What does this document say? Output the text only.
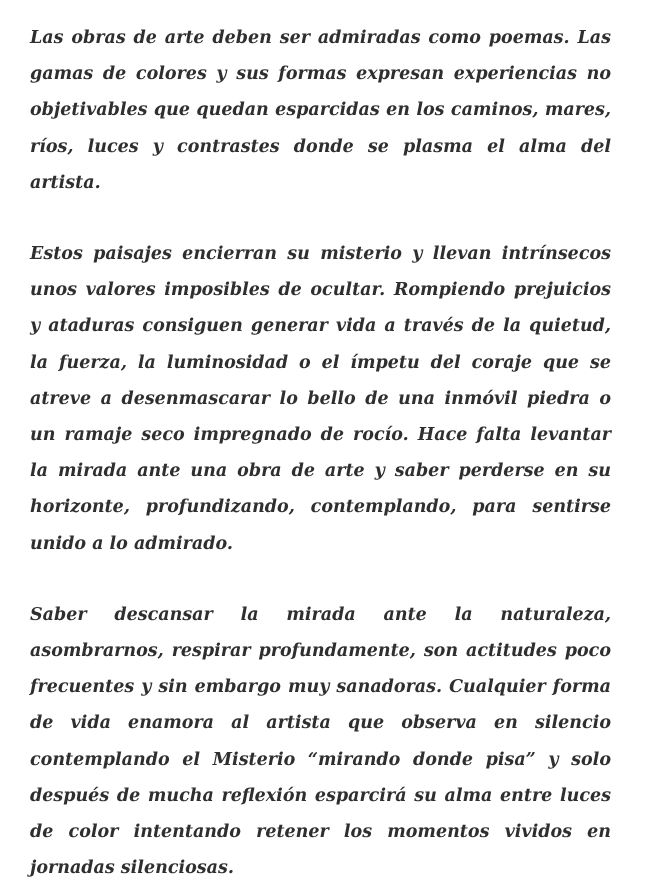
Las obras de arte deben ser admiradas como poemas. Las gamas de colores y sus formas expresan experiencias no objetivables que quedan esparcidas en los caminos, mares, ríos, luces y contrastes donde se plasma el alma del artista.

Estos paisajes encierran su misterio y llevan intrínsecos unos valores imposibles de ocultar. Rompiendo prejuicios y ataduras consiguen generar vida a través de la quietud, la fuerza, la luminosidad o el ímpetu del coraje que se atreve a desenmascarar lo bello de una inmóvil piedra o un ramaje seco impregnado de rocío. Hace falta levantar la mirada ante una obra de arte y saber perderse en su horizonte, profundizando, contemplando, para sentirse unido a lo admirado.

Saber descansar la mirada ante la naturaleza, asombrarnos, respirar profundamente, son actitudes poco frecuentes y sin embargo muy sanadoras. Cualquier forma de vida enamora al artista que observa en silencio contemplando el Misterio “mirando donde pisa” y solo después de mucha reflexión esparcirá su alma entre luces de color intentando retener los momentos vividos en jornadas silenciosas.
